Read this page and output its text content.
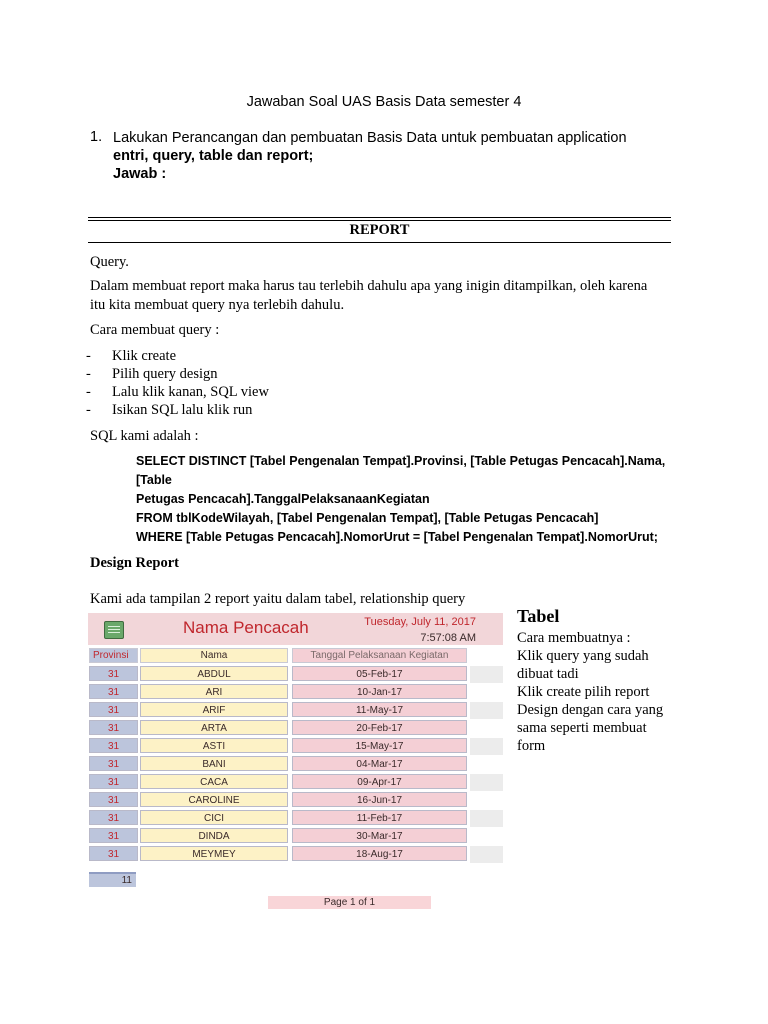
Jawaban Soal UAS Basis Data semester 4
1. Lakukan Perancangan dan pembuatan Basis Data untuk pembuatan application
entri, query, table dan report;
Jawab :
REPORT
Query.
Dalam membuat report maka harus tau terlebih dahulu apa yang inigin ditampilkan, oleh karena
itu kita membuat query nya terlebih dahulu.
Cara membuat query :
-	Klik create
-	Pilih query design
-	Lalu klik kanan, SQL view
-	Isikan SQL lalu klik run
SQL kami adalah :
SELECT DISTINCT [Tabel Pengenalan Tempat].Provinsi, [Table Petugas Pencacah].Nama, [Table
Petugas Pencacah].TanggalPelaksanaanKegiatan
FROM tblKodeWilayah, [Tabel Pengenalan Tempat], [Table Petugas Pencacah]
WHERE [Table Petugas Pencacah].NomorUrut = [Tabel Pengenalan Tempat].NomorUrut;
Design Report
Kami ada tampilan 2 report yaitu dalam tabel, relationship query
Nama Pencacah	Tuesday, July 11, 2017
7:57:08 AM
Provinsi	Nama	Tanggal Pelaksanaan Kegiatan
31	ABDUL	05-Feb-17
31	ARI	10-Jan-17
31	ARIF	11-May-17
31	ARTA	20-Feb-17
31	ASTI	15-May-17
31	BANI	04-Mar-17
31	CACA	09-Apr-17
31	CAROLINE	16-Jun-17
31	CICI	11-Feb-17
31	DINDA	30-Mar-17
31	MEYMEY	18-Aug-17
11
Page 1 of 1
Tabel
Cara membuatnya :
Klik query yang sudah dibuat tadi
Klik create pilih report
Design dengan cara yang sama seperti membuat form
